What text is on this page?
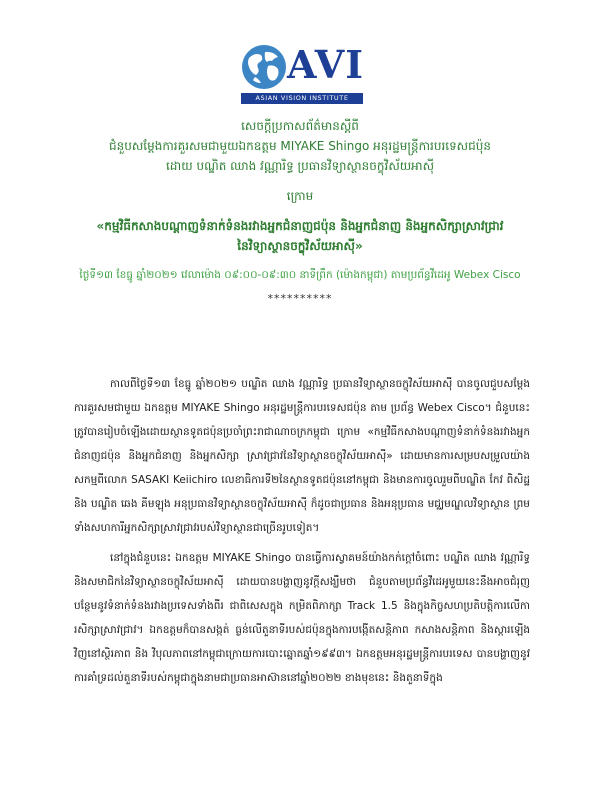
AVI
ASIAN VISION INSTITUTE
សេចក្តីប្រកាសព័ត៌មានស្តីពី
ជំនួបសម្តែងការគួរសមជាមួយឯកឧត្តម MIYAKE Shingo អនុរដ្ឋមន្ត្រីការបរទេសជប៉ុន
ដោយ បណ្ឌិត ឈាង វណ្ណារិទ្ធ ប្រធានវិទ្យាស្ថានចក្ខុវិស័យអាស៊ី
ក្រោម
«កម្មវិធីកសាងបណ្តាញទំនាក់ទំនងរវាងអ្នកជំនាញជប៉ុន និងអ្នកជំនាញ និងអ្នកសិក្សាស្រាវជ្រាវ
នៃវិទ្យាស្ថានចក្ខុវិស័យអាស៊ី»
ថ្ងៃទី១៣ ខែធ្នូ ឆ្នាំ២០២១ វេលាម៉ោង ០៩:០០-០៩:៣០ នាទីព្រឹក (ម៉ោងកម្ពុជា) តាមប្រព័ន្ធវីដេអូ Webex Cisco
**********

កាលពីថ្ងៃទី១៣ ខែធ្នូ ឆ្នាំ២០២១ បណ្ឌិត ឈាង វណ្ណារិទ្ធ ប្រធានវិទ្យាស្ថានចក្ខុវិស័យអាស៊ី បានចូលជួបសម្តែងការគួរសមជាមួយ ឯកឧត្តម MIYAKE Shingo អនុរដ្ឋមន្ត្រីការបរទេសជប៉ុន តាម ប្រព័ន្ធ Webex Cisco។ ជំនួបនេះត្រូវបានរៀបចំឡើងដោយស្ថានទូតជប៉ុនប្រចាំព្រះរាជាណាចក្រកម្ពុជា ក្រោម «កម្មវិធីកសាងបណ្តាញទំនាក់ទំនងរវាងអ្នកជំនាញជប៉ុន និងអ្នកជំនាញ និងអ្នកសិក្សា ស្រាវជ្រាវនៃវិទ្យាស្ថានចក្ខុវិស័យអាស៊ី» ដោយមានការសម្របសម្រួលយ៉ាងសកម្មពីលោក SASAKI Keiichiro លេខាធិការទី២នៃស្ថានទូតជប៉ុននៅកម្ពុជា និងមានការចូលរួមពីបណ្ឌិត កែវ ពិសិដ្ឋ និង បណ្ឌិត ឆេង គីមឡុង អនុប្រធានវិទ្យាស្ថានចក្ខុវិស័យអាស៊ី ក៏ដូចជាប្រធាន និងអនុប្រធាន មជ្ឈមណ្ឌលវិទ្យាស្ថាន ព្រមទាំងសហការីអ្នកសិក្សាស្រាវជ្រាវរបស់វិទ្យាស្ថានជាច្រើនរូបទៀត។

នៅក្នុងជំនួបនេះ ឯកឧត្តម MIYAKE Shingo បានធ្វើការស្វាគមន៍យ៉ាងកក់ក្តៅចំពោះ បណ្ឌិត ឈាង វណ្ណារិទ្ធ និងសមាជិកនៃវិទ្យាស្ថានចក្ខុវិស័យអាស៊ី ដោយបានបង្ហាញនូវក្តីសង្ឃឹមថា ជំនួបតាមប្រព័ន្ធវីដេអូមួយនេះនឹងអាចជំរុញបន្ថែមនូវទំនាក់ទំនងរវាងប្រទេសទាំងពីរ ជាពិសេសក្នុង កម្រិតពិភាក្សា Track 1.5 និងក្នុងកិច្ចសហប្រតិបត្តិការលើការសិក្សាស្រាវជ្រាវ។ ឯកឧត្តមក៏បានសង្កត់ ធ្ងន់លើតួនាទីរបស់ជប៉ុនក្នុងការបង្កើតសន្តិភាព កសាងសន្តិភាព និងស្តារឡើងវិញនៅស្ថិរភាព និង វិបុលភាពនៅកម្ពុជាក្រោយការបោះឆ្នោតឆ្នាំ១៩៩៣។ ឯកឧត្តមអនុរដ្ឋមន្ត្រីការបរទេស បានបង្ហាញនូវ ការគាំទ្រដល់តួនាទីរបស់កម្ពុជាក្នុងនាមជាប្រធានអាស៊ាននៅឆ្នាំ២០២២ ខាងមុខនេះ និងតួនាទីក្នុង
